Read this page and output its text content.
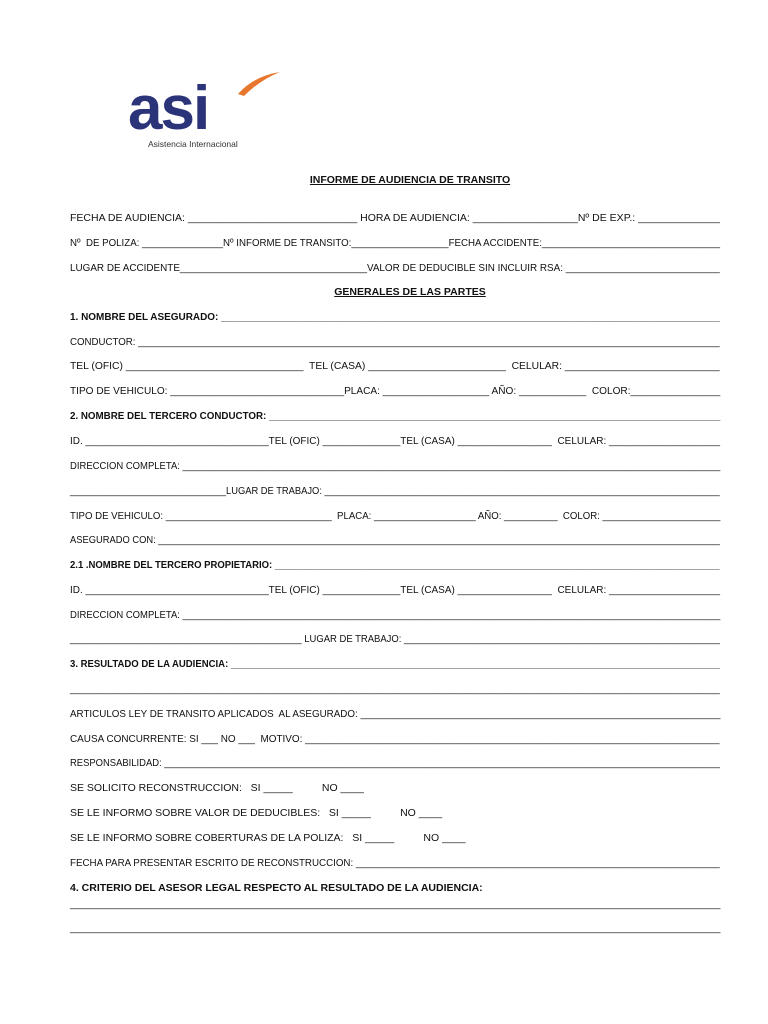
asi
Asistencia Internacional
INFORME DE AUDIENCIA DE TRANSITO
FECHA DE AUDIENCIA: _____________________________ HORA DE AUDIENCIA: __________________Nº DE EXP.: ______________
Nº  DE POLIZA: _______________Nº INFORME DE TRANSITO:__________________FECHA ACCIDENTE:_________________________________
LUGAR DE ACCIDENTE__________________________________VALOR DE DEDUCIBLE SIN INCLUIR RSA: ____________________________
GENERALES DE LAS PARTES
1. NOMBRE DEL ASEGURADO: __________________________________________________________________________________________
CONDUCTOR: ____________________________________________________________________________________________________________
TEL (OFIC) _______________________________  TEL (CASA) ________________________  CELULAR: ___________________________
TIPO DE VEHICULO: _______________________________PLACA: ___________________ AÑO: ____________  COLOR:________________
2. NOMBRE DEL TERCERO CONDUCTOR: ___________________________________________________________________________________
ID. _________________________________TEL (OFIC) ______________TEL (CASA) _________________  CELULAR: ____________________
DIRECCION COMPLETA: ______________________________________________________________________________________________________
______________________________LUGAR DE TRABAJO: ____________________________________________________________________________
TIPO DE VEHICULO: _______________________________  PLACA: ___________________ AÑO: __________  COLOR: ______________________
ASEGURADO CON: ____________________________________________________________________________________________________________
2.1 .NOMBRE DEL TERCERO PROPIETARIO: ____________________________________________________________________________________
ID. _________________________________TEL (OFIC) ______________TEL (CASA) _________________  CELULAR: ____________________
DIRECCION COMPLETA: ______________________________________________________________________________________________________
____________________________________________ LUGAR DE TRABAJO: ____________________________________________________________
3. RESULTADO DE LA AUDIENCIA: ____________________________________________________________________________________________
______________________________________________________________________________________________________________________________
ARTICULOS LEY DE TRANSITO APLICADOS  AL ASEGURADO: __________________________________________________________________
CAUSA CONCURRENTE: SI ___ NO ___  MOTIVO: ___________________________________________________________________________
RESPONSABILIDAD: __________________________________________________________________________________________________________
SE SOLICITO RECONSTRUCCION:   SI _____          NO ____
SE LE INFORMO SOBRE VALOR DE DEDUCIBLES:   SI _____          NO ____
SE LE INFORMO SOBRE COBERTURAS DE LA POLIZA:   SI _____          NO ____
FECHA PARA PRESENTAR ESCRITO DE RECONSTRUCCION: ___________________________________________________________________
4. CRITERIO DEL ASESOR LEGAL RESPECTO AL RESULTADO DE LA AUDIENCIA:
________________________________________________________________________________________________________________________________
________________________________________________________________________________________________________________________________
